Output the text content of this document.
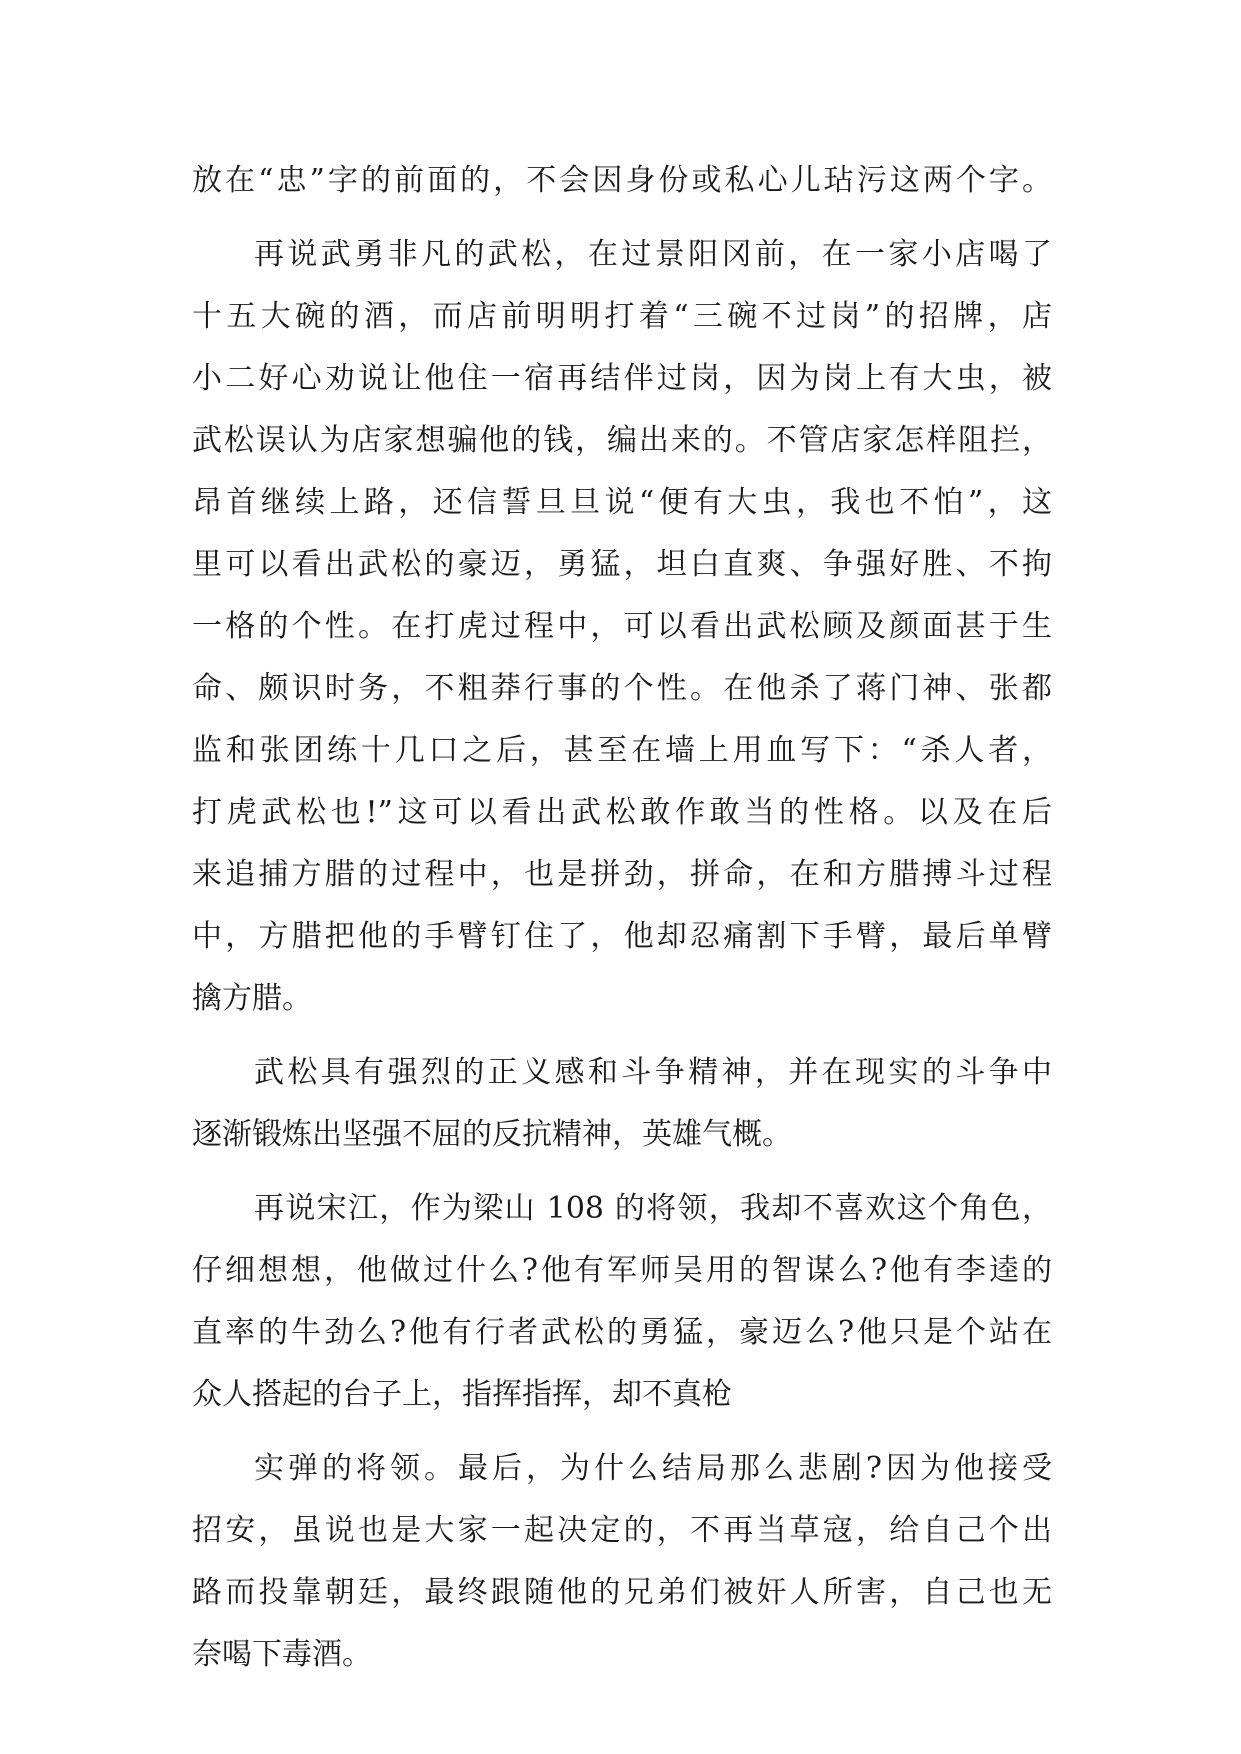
放在“忠”字的前面的，不会因身份或私心儿玷污这两个字。
再说武勇非凡的武松，在过景阳冈前，在一家小店喝了
十五大碗的酒，而店前明明打着“三碗不过岗”的招牌，店
小二好心劝说让他住一宿再结伴过岗，因为岗上有大虫，被
武松误认为店家想骗他的钱，编出来的。不管店家怎样阻拦，
昂首继续上路，还信誓旦旦说“便有大虫，我也不怕”，这
里可以看出武松的豪迈，勇猛，坦白直爽、争强好胜、不拘
一格的个性。在打虎过程中，可以看出武松顾及颜面甚于生
命、颇识时务，不粗莽行事的个性。在他杀了蒋门神、张都
监和张团练十几口之后，甚至在墙上用血写下：“杀人者，
打虎武松也!”这可以看出武松敢作敢当的性格。以及在后
来追捕方腊的过程中，也是拼劲，拼命，在和方腊搏斗过程
中，方腊把他的手臂钉住了，他却忍痛割下手臂，最后单臂
擒方腊。
武松具有强烈的正义感和斗争精神，并在现实的斗争中
逐渐锻炼出坚强不屈的反抗精神，英雄气概。
再说宋江，作为梁山 108 的将领，我却不喜欢这个角色，
仔细想想，他做过什么?他有军师吴用的智谋么?他有李逵的
直率的牛劲么?他有行者武松的勇猛，豪迈么?他只是个站在
众人搭起的台子上，指挥指挥，却不真枪
实弹的将领。最后，为什么结局那么悲剧?因为他接受
招安，虽说也是大家一起决定的，不再当草寇，给自己个出
路而投靠朝廷，最终跟随他的兄弟们被奸人所害，自己也无
奈喝下毒酒。
